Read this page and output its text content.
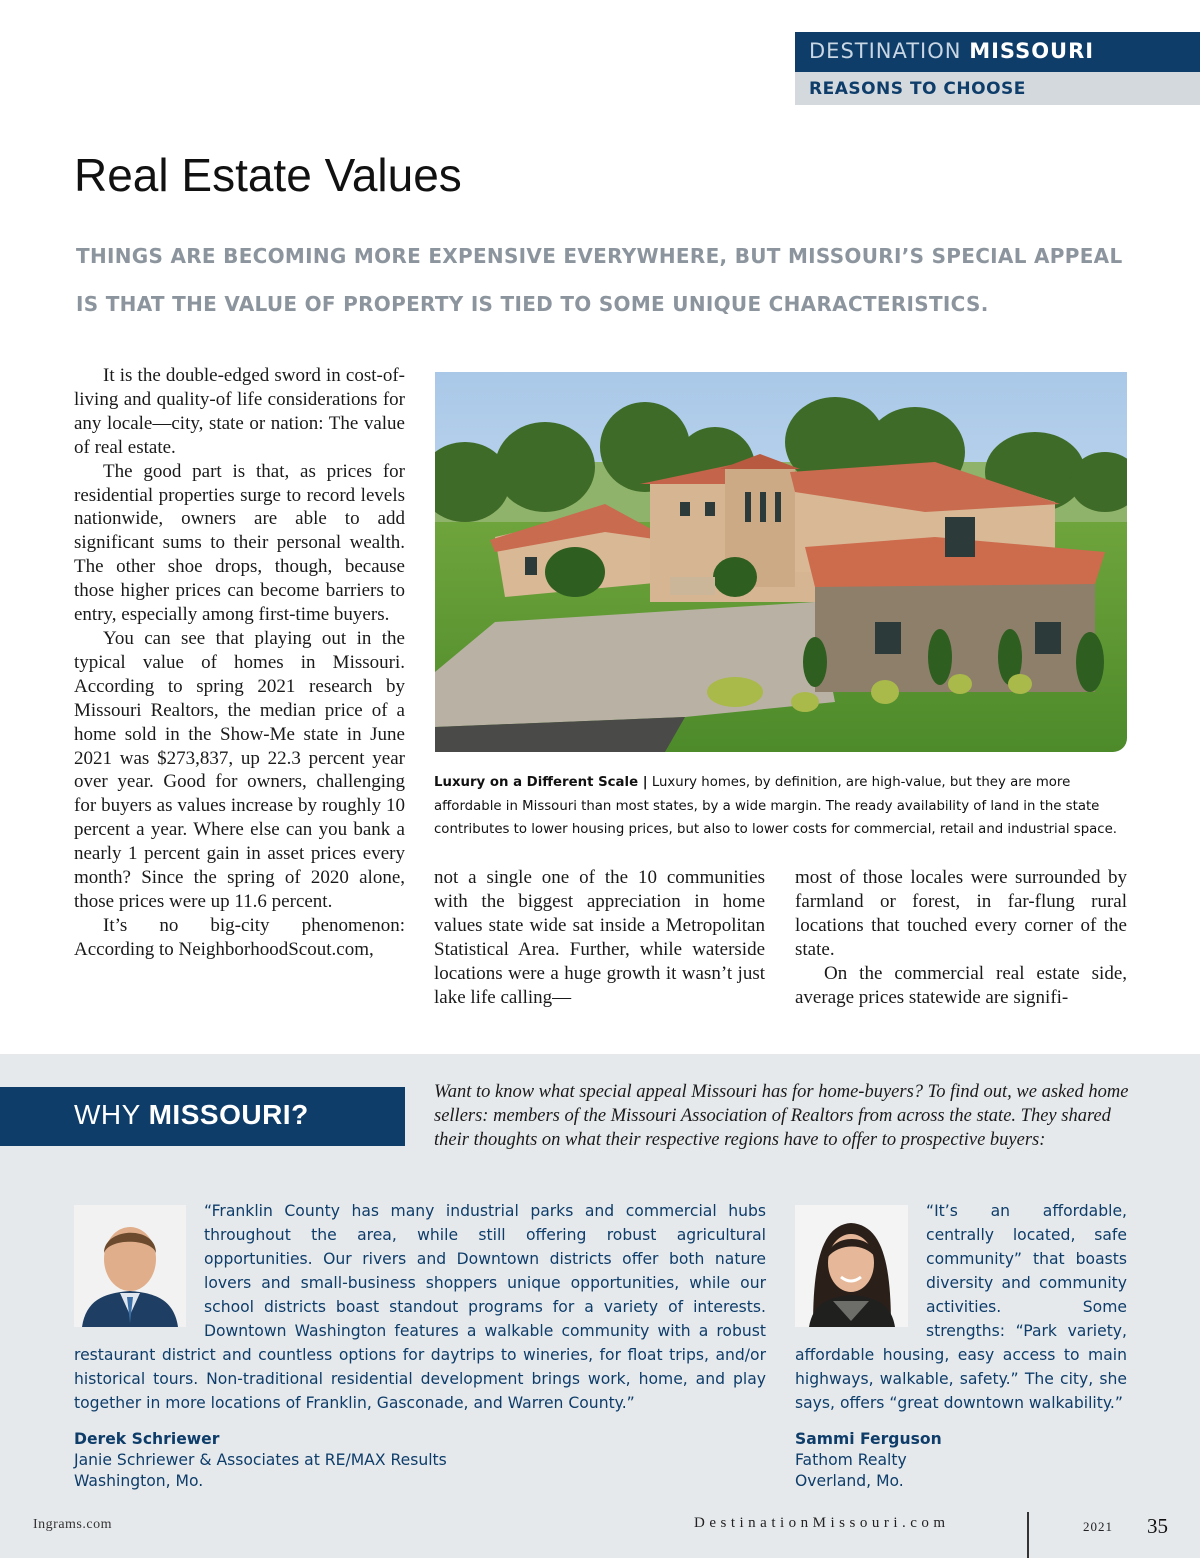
DESTINATION MISSOURI
REASONS TO CHOOSE
Real Estate Values
THINGS ARE BECOMING MORE EXPENSIVE EVERYWHERE, BUT MISSOURI’S SPECIAL APPEAL IS THAT THE VALUE OF PROPERTY IS TIED TO SOME UNIQUE CHARACTERISTICS.

It is the double-edged sword in cost-of-living and quality-of life considerations for any locale—city, state or nation: The value of real estate.

The good part is that, as prices for residential properties surge to record levels nationwide, owners are able to add significant sums to their personal wealth. The other shoe drops, though, because those higher prices can become barriers to entry, especially among first-time buyers.

You can see that playing out in the typical value of homes in Missouri. According to spring 2021 research by Missouri Realtors, the median price of a home sold in the Show-Me state in June 2021 was $273,837, up 22.3 percent year over year. Good for owners, challenging for buyers as values increase by roughly 10 percent a year. Where else can you bank a nearly 1 percent gain in asset prices every month? Since the spring of 2020 alone, those prices were up 11.6 percent.

It’s no big-city phenomenon: According to NeighborhoodScout.com,

Luxury on a Different Scale | Luxury homes, by definition, are high-value, but they are more affordable in Missouri than most states, by a wide margin. The ready availability of land in the state contributes to lower housing prices, but also to lower costs for commercial, retail and industrial space.

not a single one of the 10 communities with the biggest appreciation in home values state wide sat inside a Metropolitan Statistical Area. Further, while waterside locations were a huge growth it wasn’t just lake life calling—

most of those locales were surrounded by farmland or forest, in far-flung rural locations that touched every corner of the state.

On the commercial real estate side, average prices statewide are signifi-

WHY MISSOURI?
Want to know what special appeal Missouri has for home-buyers? To find out, we asked home sellers: members of the Missouri Association of Realtors from across the state. They shared their thoughts on what their respective regions have to offer to prospective buyers:
“Franklin County has many industrial parks and commercial hubs throughout the area, while still offering robust agricultural opportunities. Our rivers and Downtown districts offer both nature lovers and small-business shoppers unique opportunities, while our school districts boast standout programs for a variety of interests. Downtown Washington features a walkable community with a robust restaurant district and countless options for daytrips to wineries, for float trips, and/or historical tours. Non-traditional residential development brings work, home, and play together in more locations of Franklin, Gasconade, and Warren County.”
Derek Schriewer
Janie Schriewer & Associates at RE/MAX Results
Washington, Mo.
“It’s an affordable, centrally located, safe community” that boasts diversity and community activities. Some strengths: “Park variety, affordable housing, easy access to main highways, walkable, safety.” The city, she says, offers “great downtown walkability.”
Sammi Ferguson
Fathom Realty
Overland, Mo.
Ingrams.com	DestinationMissouri.com	2021 35
